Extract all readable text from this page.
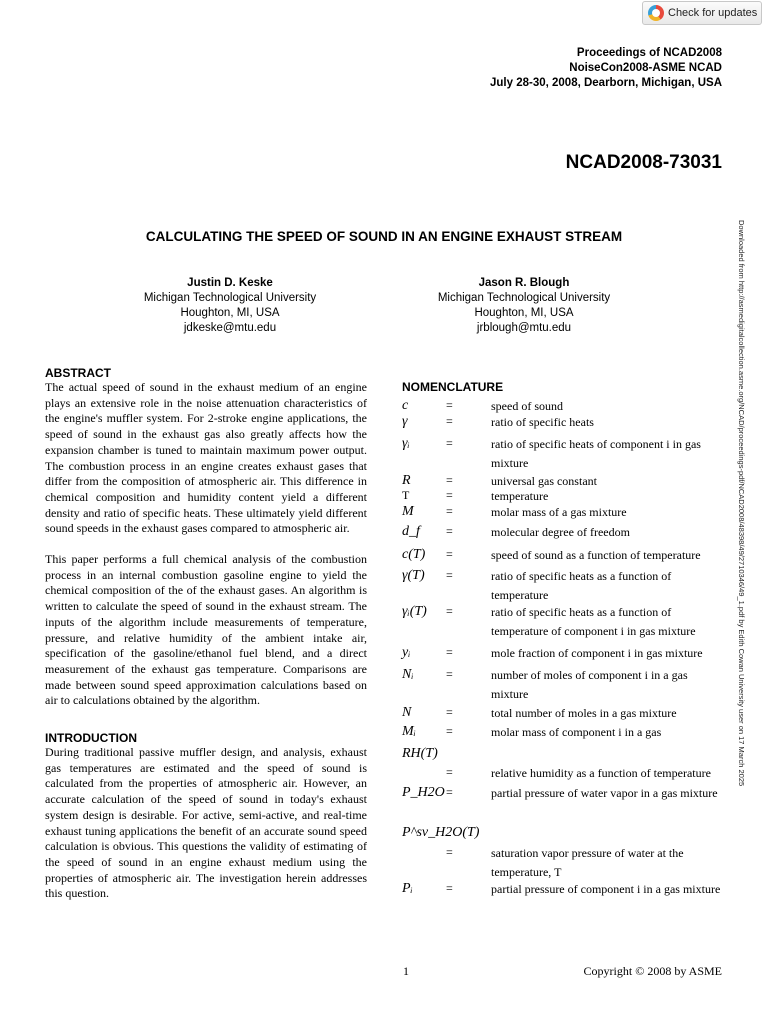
Check for updates
Proceedings of NCAD2008
NoiseCon2008-ASME NCAD
July 28-30, 2008, Dearborn, Michigan, USA
NCAD2008-73031
CALCULATING THE SPEED OF SOUND IN AN ENGINE EXHAUST STREAM
Justin D. Keske
Michigan Technological University
Houghton, MI, USA
jdkeske@mtu.edu
Jason R. Blough
Michigan Technological University
Houghton, MI, USA
jrblough@mtu.edu	Downloaded from http://asmedigitalcollection.asme.org/NCAD/proceedings-pdf/NCAD2008/48398/49/2710346/49_1.pdf by Edith Cowan University user on 17 March 2025
ABSTRACT
The actual speed of sound in the exhaust medium of an engine plays an extensive role in the noise attenuation characteristics of the engine's muffler system. For 2-stroke engine applications, the speed of sound in the exhaust gas also greatly affects how the expansion chamber is tuned to maintain maximum power output. The combustion process in an engine creates exhaust gases that differ from the composition of atmospheric air. This difference in chemical composition and humidity content yield a different density and ratio of specific heats. These ultimately yield different sound speeds in the exhaust gases compared to atmospheric air.
This paper performs a full chemical analysis of the combustion process in an internal combustion gasoline engine to yield the chemical composition of the of the exhaust gases. An algorithm is written to calculate the speed of sound in the exhaust stream. The inputs of the algorithm include measurements of temperature, pressure, and relative humidity of the ambient intake air, specification of the gasoline/ethanol fuel blend, and a direct measurement of the exhaust gas temperature. Comparisons are made between sound speed approximation calculations based on air to calculations obtained by the algorithm.
INTRODUCTION
During traditional passive muffler design, and analysis, exhaust gas temperatures are estimated and the speed of sound is calculated from the properties of atmospheric air. However, an accurate calculation of the speed of sound in today's exhaust system design is desirable. For active, semi-active, and real-time exhaust tuning applications the benefit of an accurate sound speed calculation is obvious. This questions the validity of estimating of the speed of sound in an engine exhaust medium using the properties of atmospheric air. The investigation herein addresses this question.
NOMENCLATURE
c	=	speed of sound
γ	=	ratio of specific heats
γᵢ	=	ratio of specific heats of component i in gas mixture
R	=	universal gas constant
T	=	temperature
M	=	molar mass of a gas mixture
d_f =	molecular degree of freedom
c(T) =	speed of sound as a function of temperature
γ(T) =	ratio of specific heats as a function of temperature
γᵢ(T) =	ratio of specific heats as a function of temperature of component i in gas mixture
yᵢ	=	mole fraction of component i in gas mixture
Nᵢ	=	number of moles of component i in a gas mixture
N	=	total number of moles in a gas mixture
Mᵢ	=	molar mass of component i in a gas
RH(T)
=	relative humidity as a function of temperature
P_H2O =	partial pressure of water vapor in a gas mixture
P^sv_H2O(T)
=	saturation vapor pressure of water at the temperature, T
Pᵢ	=	partial pressure of component i in a gas mixture
1	Copyright © 2008 by ASME
